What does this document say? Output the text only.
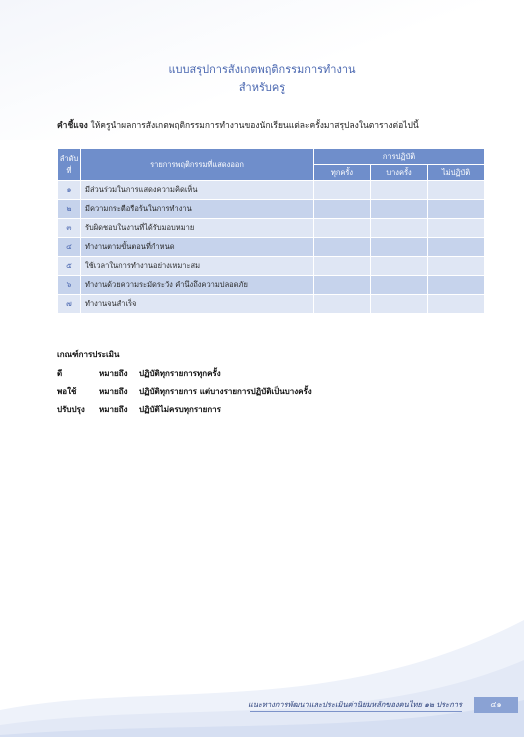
แบบสรุปการสังเกตพฤติกรรมการทำงาน
สำหรับครู
คำชี้แจง ให้ครูนำผลการสังเกตพฤติกรรมการทำงานของนักเรียนแต่ละครั้งมาสรุปลงในตารางต่อไปนี้
ลำดับที่	รายการพฤติกรรมที่แสดงออก	การปฏิบัติ		
		ทุกครั้ง	บางครั้ง	ไม่ปฏิบัติ
๑	มีส่วนร่วมในการแสดงความคิดเห็น			
๒	มีความกระตือรือร้นในการทำงาน			
๓	รับผิดชอบในงานที่ได้รับมอบหมาย			
๔	ทำงานตามขั้นตอนที่กำหนด			
๕	ใช้เวลาในการทำงานอย่างเหมาะสม			
๖	ทำงานด้วยความระมัดระวัง คำนึงถึงความปลอดภัย			
๗	ทำงานจนสำเร็จ			
เกณฑ์การประเมิน
ดี	หมายถึง	ปฏิบัติทุกรายการทุกครั้ง
พอใช้	หมายถึง	ปฏิบัติทุกรายการ แต่บางรายการปฏิบัติเป็นบางครั้ง
ปรับปรุง	หมายถึง	ปฏิบัติไม่ครบทุกรายการ
แนะทางการพัฒนาและประเมินค่านิยมหลักของคนไทย ๑๒ ประการ	๔๑
